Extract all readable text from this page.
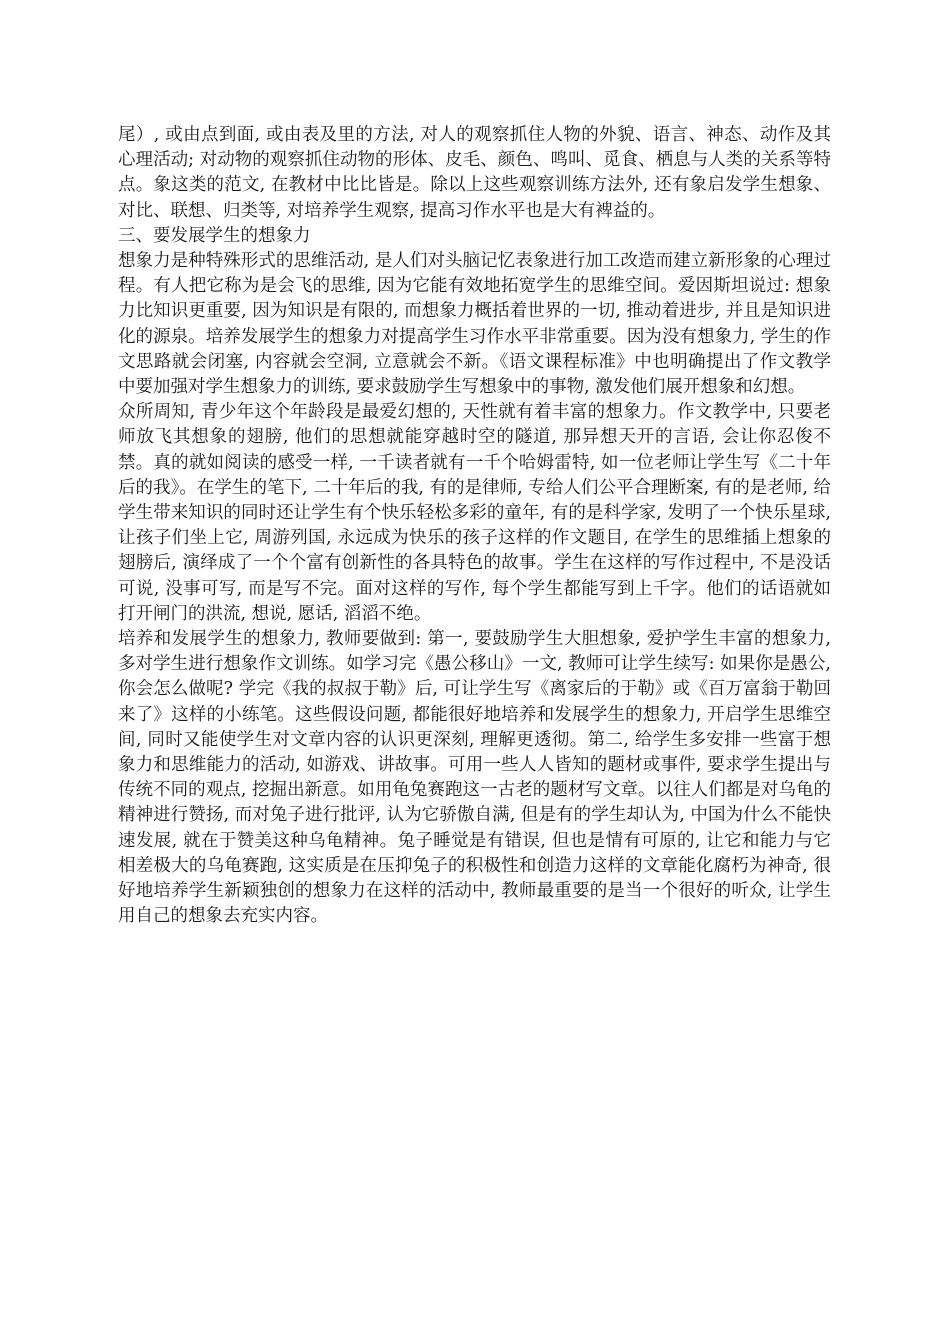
尾）, 或由点到面, 或由表及里的方法, 对人的观察抓住人物的外貌、语言、神态、动作及其心理活动; 对动物的观察抓住动物的形体、皮毛、颜色、鸣叫、觅食、栖息与人类的关系等特点。象这类的范文, 在教材中比比皆是。除以上这些观察训练方法外, 还有象启发学生想象、对比、联想、归类等, 对培养学生观察, 提高习作水平也是大有裨益的。

三、要发展学生的想象力

想象力是种特殊形式的思维活动, 是人们对头脑记忆表象进行加工改造而建立新形象的心理过程。有人把它称为是会飞的思维, 因为它能有效地拓宽学生的思维空间。爱因斯坦说过: 想象力比知识更重要, 因为知识是有限的, 而想象力概括着世界的一切, 推动着进步, 并且是知识进化的源泉。培养发展学生的想象力对提高学生习作水平非常重要。因为没有想象力, 学生的作文思路就会闭塞, 内容就会空洞, 立意就会不新。《语文课程标准》中也明确提出了作文教学中要加强对学生想象力的训练, 要求鼓励学生写想象中的事物, 激发他们展开想象和幻想。

众所周知, 青少年这个年龄段是最爱幻想的, 天性就有着丰富的想象力。作文教学中, 只要老师放飞其想象的翅膀, 他们的思想就能穿越时空的隧道, 那异想天开的言语, 会让你忍俊不禁。真的就如阅读的感受一样, 一千读者就有一千个哈姆雷特, 如一位老师让学生写《二十年后的我》。在学生的笔下, 二十年后的我, 有的是律师, 专给人们公平合理断案, 有的是老师, 给学生带来知识的同时还让学生有个快乐轻松多彩的童年, 有的是科学家, 发明了一个快乐星球, 让孩子们坐上它, 周游列国, 永远成为快乐的孩子这样的作文题目, 在学生的思维插上想象的翅膀后, 演绎成了一个个富有创新性的各具特色的故事。学生在这样的写作过程中, 不是没话可说, 没事可写, 而是写不完。面对这样的写作, 每个学生都能写到上千字。他们的话语就如打开闸门的洪流, 想说, 愿话, 滔滔不绝。

培养和发展学生的想象力, 教师要做到: 第一, 要鼓励学生大胆想象, 爱护学生丰富的想象力, 多对学生进行想象作文训练。如学习完《愚公移山》一文, 教师可让学生续写: 如果你是愚公, 你会怎么做呢? 学完《我的叔叔于勒》后, 可让学生写《离家后的于勒》或《百万富翁于勒回来了》这样的小练笔。这些假设问题, 都能很好地培养和发展学生的想象力, 开启学生思维空间, 同时又能使学生对文章内容的认识更深刻, 理解更透彻。第二, 给学生多安排一些富于想象力和思维能力的活动, 如游戏、讲故事。可用一些人人皆知的题材或事件, 要求学生提出与传统不同的观点, 挖掘出新意。如用龟兔赛跑这一古老的题材写文章。以往人们都是对乌龟的精神进行赞扬, 而对兔子进行批评, 认为它骄傲自满, 但是有的学生却认为, 中国为什么不能快速发展, 就在于赞美这种乌龟精神。兔子睡觉是有错误, 但也是情有可原的, 让它和能力与它相差极大的乌龟赛跑, 这实质是在压抑兔子的积极性和创造力这样的文章能化腐朽为神奇, 很好地培养学生新颖独创的想象力在这样的活动中, 教师最重要的是当一个很好的听众, 让学生用自己的想象去充实内容。
